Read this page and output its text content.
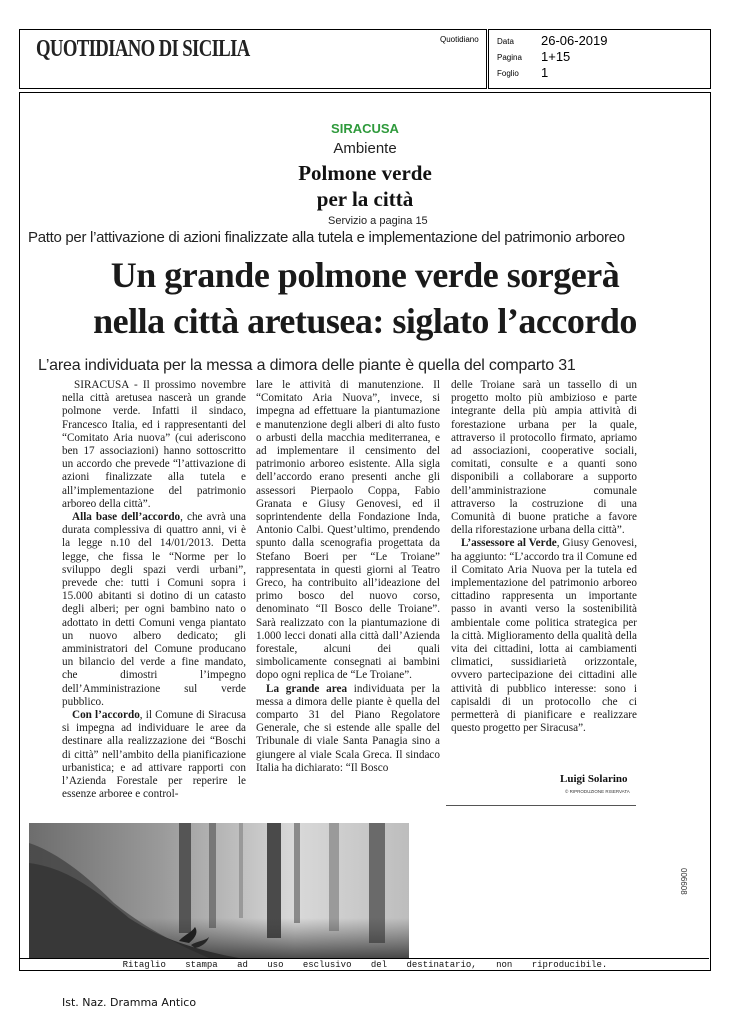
QUOTIDIANO DI SICILIA	Quotidiano Data 26-06-2019
Pagina 1+15
Foglio 1
SIRACUSA
Ambiente
Polmone verde
per la città
Servizio a pagina 15
Patto per l’attivazione di azioni finalizzate alla tutela e implementazione del patrimonio arboreo
Un grande polmone verde sorgerà
nella città aretusea: siglato l’accordo
L’area individuata per la messa a dimora delle piante è quella del comparto 31

SIRACUSA - Il prossimo novembre nella città aretusea nascerà un grande polmone verde. Infatti il sindaco, Francesco Italia, ed i rappresentanti del “Comitato Aria nuova” (cui aderiscono ben 17 associazioni) hanno sottoscritto un accordo che prevede “l’attivazione di azioni finalizzate alla tutela e all’implementazione del patrimonio arboreo della città”.

Alla base dell’accordo, che avrà una durata complessiva di quattro anni, vi è la legge n.10 del 14/01/2013. Detta legge, che fissa le “Norme per lo sviluppo degli spazi verdi urbani”, prevede che: tutti i Comuni sopra i 15.000 abitanti si dotino di un catasto degli alberi; per ogni bambino nato o adottato in detti Comuni venga piantato un nuovo albero dedicato; gli amministratori del Comune producano un bilancio del verde a fine mandato, che dimostri l’impegno dell’Amministrazione sul verde pubblico.

Con l’accordo, il Comune di Siracusa si impegna ad individuare le aree da destinare alla realizzazione dei “Boschi di città” nell’ambito della pianificazione urbanistica; e ad attivare rapporti con l’Azienda Forestale per reperire le essenze arboree e control-

lare le attività di manutenzione. Il “Comitato Aria Nuova”, invece, si impegna ad effettuare la piantumazione e manutenzione degli alberi di alto fusto o arbusti della macchia mediterranea, e ad implementare il censimento del patrimonio arboreo esistente. Alla sigla dell’accordo erano presenti anche gli assessori Pierpaolo Coppa, Fabio Granata e Giusy Genovesi, ed il soprintendente della Fondazione Inda, Antonio Calbi. Quest’ultimo, prendendo spunto dalla scenografia progettata da Stefano Boeri per “Le Troiane” rappresentata in questi giorni al Teatro Greco, ha contribuito all’ideazione del primo bosco del nuovo corso, denominato “Il Bosco delle Troiane”. Sarà realizzato con la piantumazione di 1.000 lecci donati alla città dall’Azienda forestale, alcuni dei quali simbolicamente consegnati ai bambini dopo ogni replica de “Le Troiane”.

La grande area individuata per la messa a dimora delle piante è quella del comparto 31 del Piano Regolatore Generale, che si estende alle spalle del Tribunale di viale Santa Panagia sino a giungere al viale Scala Greca. Il sindaco Italia ha dichiarato: “Il Bosco

delle Troiane sarà un tassello di un progetto molto più ambizioso e parte integrante della più ampia attività di forestazione urbana per la quale, attraverso il protocollo firmato, apriamo ad associazioni, cooperative sociali, comitati, consulte e a quanti sono disponibili a collaborare a supporto dell’amministrazione comunale attraverso la costruzione di una Comunità di buone pratiche a favore della riforestazione urbana della città”.

L’assessore al Verde, Giusy Genovesi, ha aggiunto: “L’accordo tra il Comune ed il Comitato Aria Nuova per la tutela ed implementazione del patrimonio arboreo cittadino rappresenta un importante passo in avanti verso la sostenibilità ambientale come politica strategica per la città. Miglioramento della qualità della vita dei cittadini, lotta ai cambiamenti climatici, sussidiarietà orizzontale, ovvero partecipazione dei cittadini alle attività di pubblico interesse: sono i capisaldi di un protocollo che ci permetterà di pianificare e realizzare questo progetto per Siracusa”.

Luigi Solarino
© RIPRODUZIONE RISERVATA
006608
Ritaglio stampa ad uso esclusivo del destinatario, non riproducibile.
Ist. Naz. Dramma Antico
